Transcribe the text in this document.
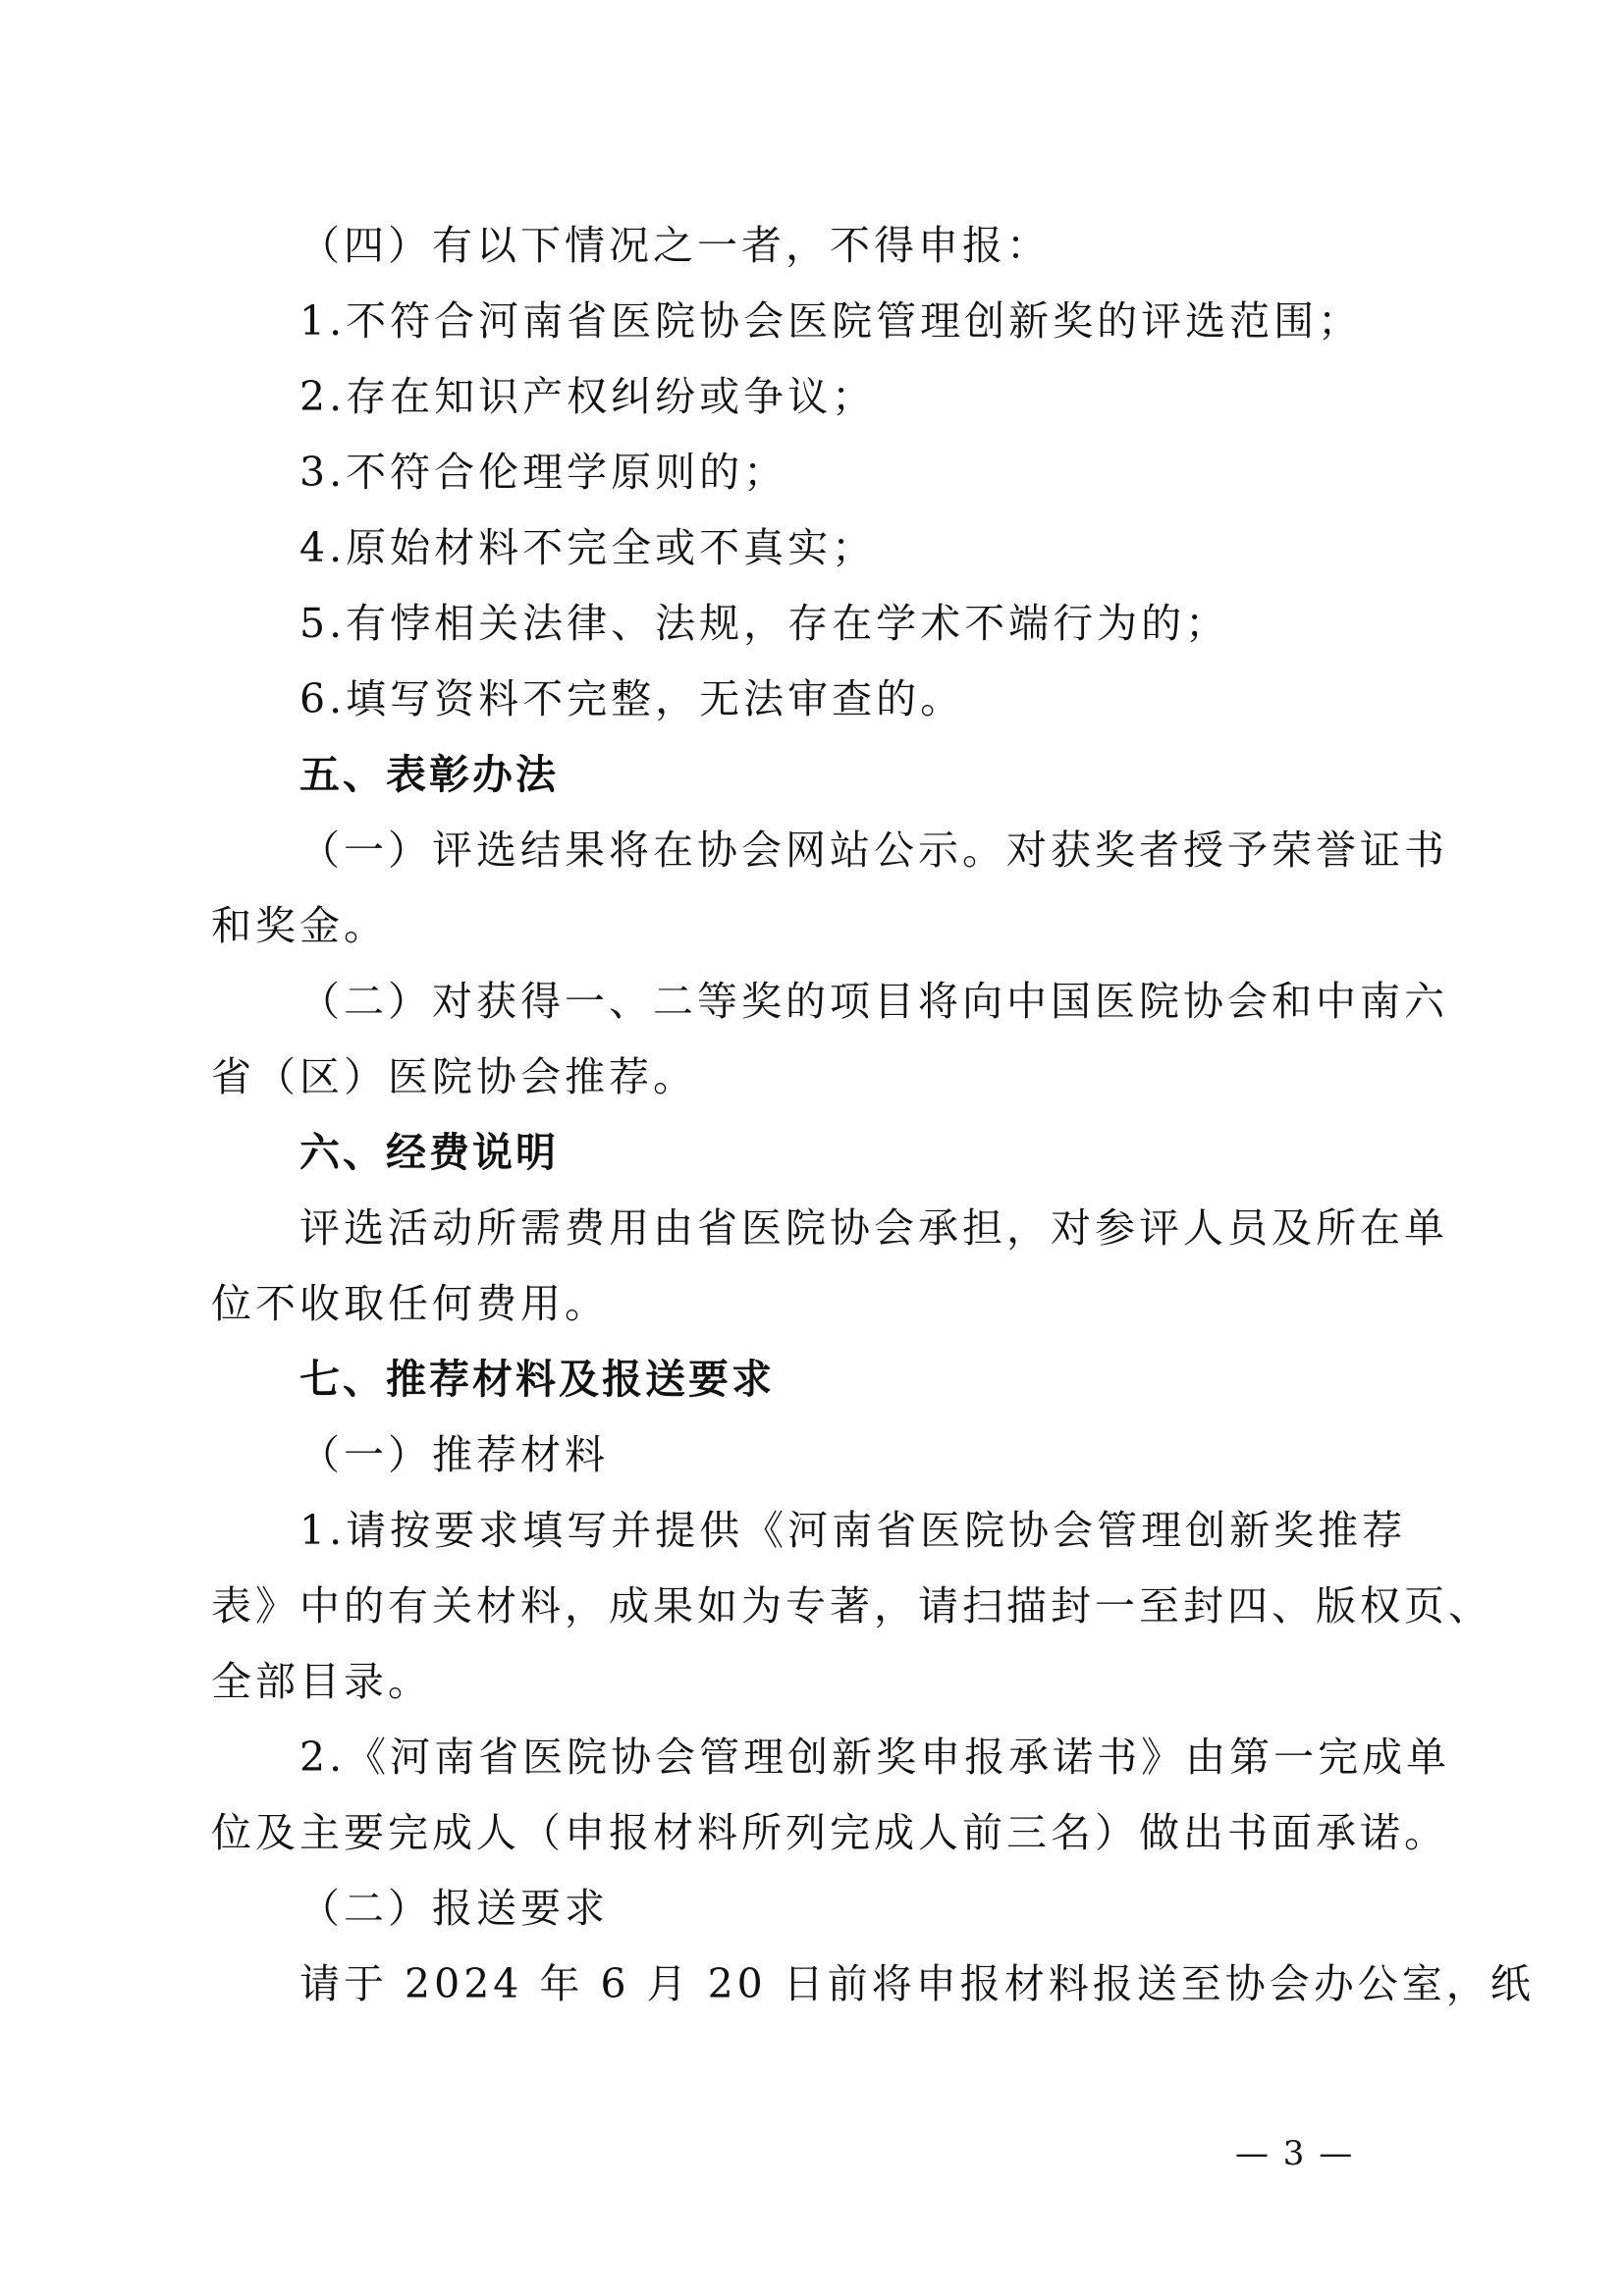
（四）有以下情况之一者，不得申报：
1.不符合河南省医院协会医院管理创新奖的评选范围；
2.存在知识产权纠纷或争议；
3.不符合伦理学原则的；
4.原始材料不完全或不真实；
5.有悖相关法律、法规，存在学术不端行为的；
6.填写资料不完整，无法审查的。
五、表彰办法
（一）评选结果将在协会网站公示。对获奖者授予荣誉证书
和奖金。
（二）对获得一、二等奖的项目将向中国医院协会和中南六
省（区）医院协会推荐。
六、经费说明
评选活动所需费用由省医院协会承担，对参评人员及所在单
位不收取任何费用。
七、推荐材料及报送要求
（一）推荐材料
1.请按要求填写并提供《河南省医院协会管理创新奖推荐
表》中的有关材料，成果如为专著，请扫描封一至封四、版权页、
全部目录。
2.《河南省医院协会管理创新奖申报承诺书》由第一完成单
位及主要完成人（申报材料所列完成人前三名）做出书面承诺。
（二）报送要求
请于 2024 年 6 月 20 日前将申报材料报送至协会办公室，纸
— 3 —
